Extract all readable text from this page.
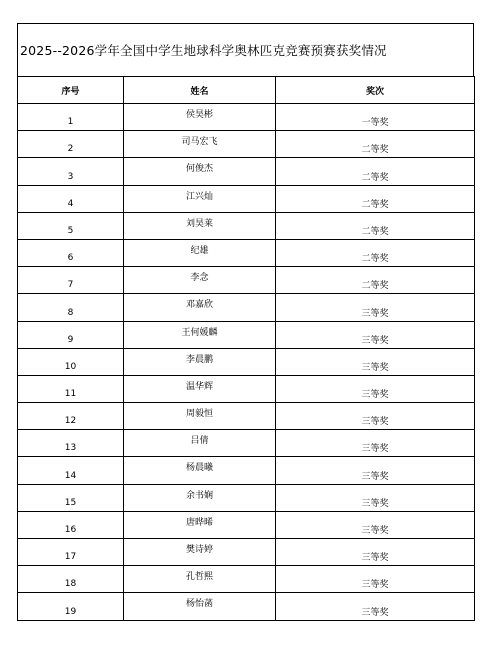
2025--2026学年全国中学生地球科学奥林匹克竞赛预赛获奖情况
序号	姓名	奖次

1	侯昊彬	一等奖

2	司马宏飞	二等奖

3	何俊杰	二等奖

4	江兴灿	二等奖

5	刘昊莱	二等奖

6	纪雄	二等奖

7	李念	二等奖

8	邓嘉欣	三等奖

9	王何媛麟	三等奖

10	李晨鹏	三等奖

11	温华辉	三等奖

12	周毅恒	三等奖

13	吕倩	三等奖

14	杨晨曦	三等奖

15	余书娴	三等奖

16	唐晔晞	三等奖

17	樊诗婷	三等奖

18	孔哲熙	三等奖

19	杨怡菡	三等奖
